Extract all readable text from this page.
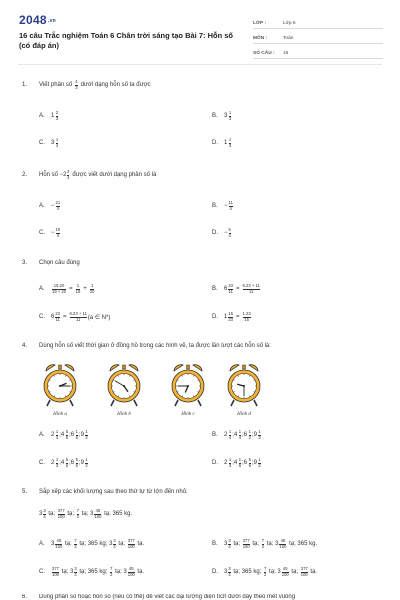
2048.vn
16 câu Trắc nghiệm Toán 6 Chân trời sáng tạo Bài 7: Hỗn số (có đáp án)
LỚP :	Lớp 6
MÔN :	Toán
SỐ CÂU :	16
1.	Viết phân số $\frac{4}{3}$ dưới dạng hỗn số ta được
A.	$1 \frac{2}{3}$	B.	$3 \frac{1}{3}$
C.	$3 \frac{1}{4}$	D.	$1 \frac{1}{3}$
2.	Hỗn số $-2 \frac{3}{4}$ được viết dưới dạng phân số là
A.	− $\frac{21}{4}$	B.	− $\frac{11}{4}$
C.	− $\frac{10}{4}$	D.	− $\frac{5}{4}$
3.	Chọn câu đúng
A.	$\frac{19.20}{19 + 20} = \frac{1}{19} + \frac{1}{20}$	B.	$6 \frac{23}{11} = \frac{6.23 + 11}{11}$
C.	$6 \frac{23}{11} = \frac{6.23 + 11}{11} (a$ ∈ N*)	D.	$1 \frac{15}{23} = \frac{1.23}{15}$
4.	Dùng hỗn số viết thời gian ở đồng hồ trong các hình vẽ, ta được lần lượt các hỗn số là:
Hình a	Hình b	Hình c	Hình d
A.	$2 \frac{1}{4}$ ; $4 \frac{5}{6}$ ; $6 \frac{1}{6}$ ; $9 \frac{1}{2}$	B.	$2 \frac{1}{4}$ ; $4 \frac{1}{4}$ ; $6 \frac{1}{2}$ ; $9 \frac{1}{2}$
C.	$2 \frac{1}{3}$ ; $4 \frac{5}{6}$ ; $6 \frac{5}{6}$ ; $9 \frac{1}{2}$	D.	$2 \frac{1}{3}$ ; $4 \frac{1}{6}$ ; $6 \frac{5}{6}$ ; $9 \frac{1}{2}$
5.	Sắp xếp các khối lượng sau theo thứ tự từ lớn đến nhỏ:
$3 \frac{3}{4}$ tạ; $\frac{377}{100}$ tạ; $\frac{7}{2}$ tạ; $3 \frac{45}{100}$ tạ; 365 kg.
A.	$3 \frac{45}{100}$ tạ; $\frac{7}{2}$ tạ; 365 kg; $3 \frac{3}{4}$ tạ; $\frac{377}{100}$ tạ.	B.	$3 \frac{3}{4}$ tạ; $\frac{377}{100}$ tạ; $\frac{7}{2}$ tạ; $3 \frac{45}{100}$ tạ; 365 kg.
C.	$\frac{377}{100}$ tạ; $3 \frac{3}{4}$ tạ; 365 kg; $\frac{7}{2}$ tạ; $3 \frac{45}{100}$ tạ.	D.	$3 \frac{3}{4}$ tạ; 365 kg; $\frac{7}{2}$ tạ; $3 \frac{45}{100}$ tạ; $\frac{377}{100}$ tạ.
6.	Dùng phân số hoặc hỗn số (nếu có thể) để viết các đại lượng diện tích dưới đây theo mét vuông
